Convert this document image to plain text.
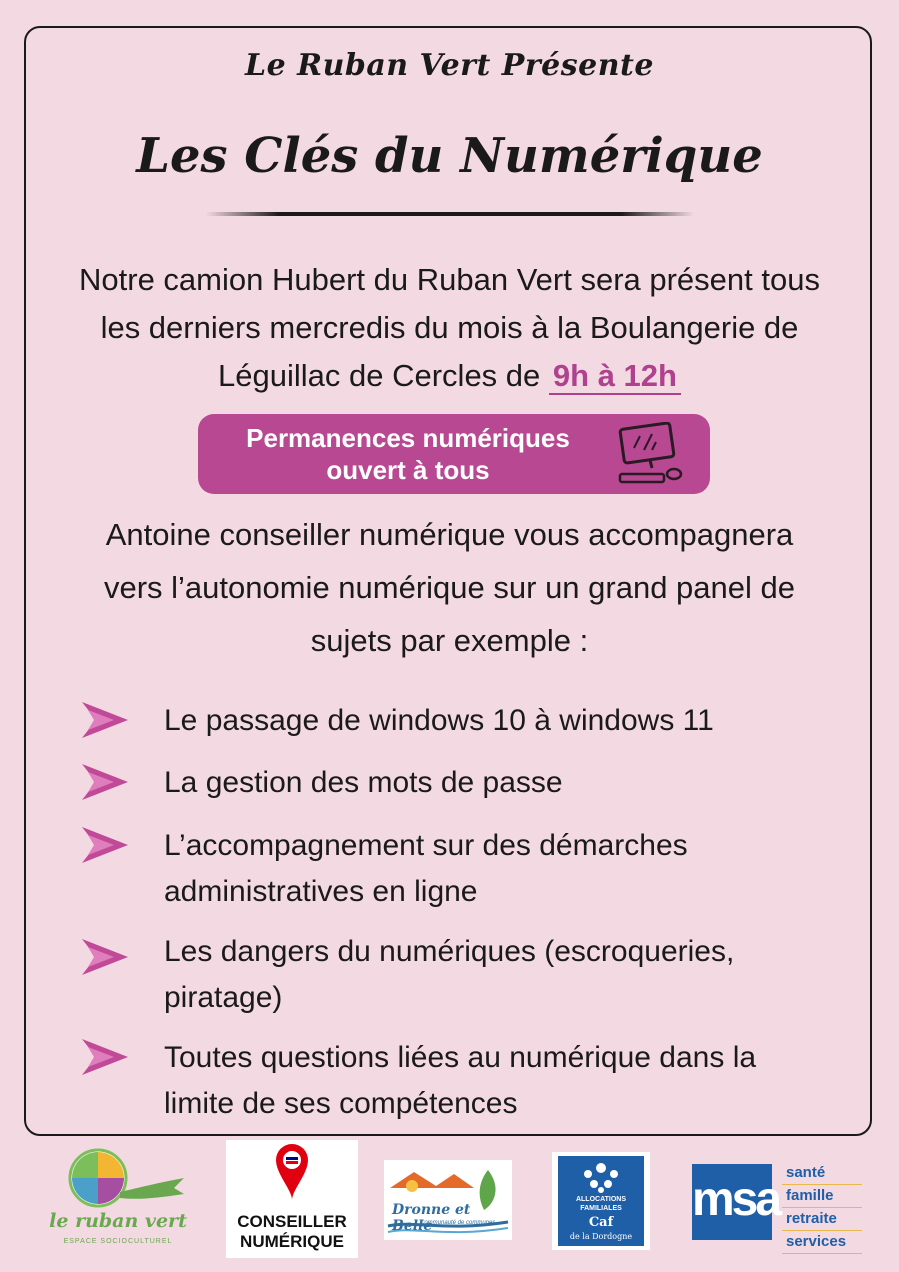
Le Ruban Vert Présente
Les Clés du Numérique
Notre camion Hubert du Ruban Vert sera présent tous
les derniers mercredis du mois à la Boulangerie de
Léguillac de Cercles de 9h à 12h
Permanences numériques
ouvert à tous
Antoine conseiller numérique vous accompagnera
vers l’autonomie numérique sur un grand panel de
sujets par exemple :
Le passage de windows 10 à windows 11
La gestion des mots de passe
L’accompagnement sur des démarches
administratives en ligne
Les dangers du numériques (escroqueries,
piratage)
Toutes questions liées au numérique dans la
limite de ses compétences
le ruban vert
ESPACE SOCIOCULTUREL
CONSEILLER
NUMÉRIQUE
Dronne et Belle
Communauté de communes
ALLOCATIONS
FAMILIALES
Caf
de la Dordogne
msa
santé
famille
retraite
services
